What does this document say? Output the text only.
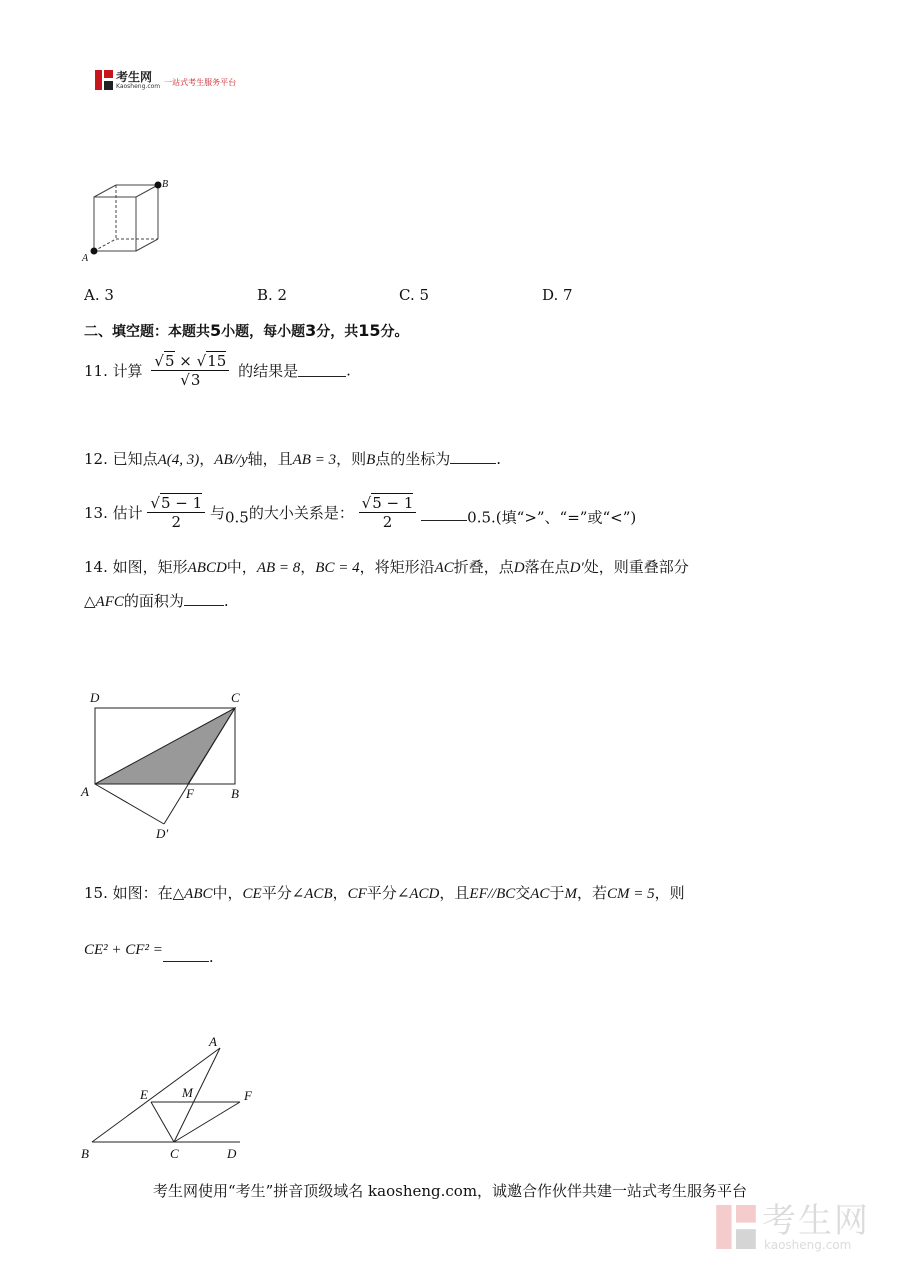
考生网
Kaosheng.com 一站式考生服务平台
B
A
A. 3	B. 2	C. 5	D. 7
二、填空题：本题共5小题，每小题3分，共15分。
11. 计算 $\frac{√5 \times √15}{√3}$ 的结果是	.
12. 已知点A(4, 3)，AB//y轴，且AB = 3，则B点的坐标为	.
13. 估计 $\frac{√5 - 1}{2}$ 与0.5的大小关系是： $\frac{√5 - 1}{2}$	0.5.(填“>”、“=”或“<”)
14. 如图，矩形ABCD中，AB = 8，BC = 4，将矩形沿AC折叠，点D落在点D′处，则重叠部分
△AFC的面积为	.
D	C
A	F	B
D′
15. 如图：在△ABC中，CE平分∠ACB，CF平分∠ACD，且EF//BC交AC于M，若CM = 5，则
CE² + CF² =	.
A
E	M	F
B	C	D
考生网使用“考生”拼音顶级域名 kaosheng.com，诚邀合作伙伴共建一站式考生服务平台
考生网
kaosheng.com
